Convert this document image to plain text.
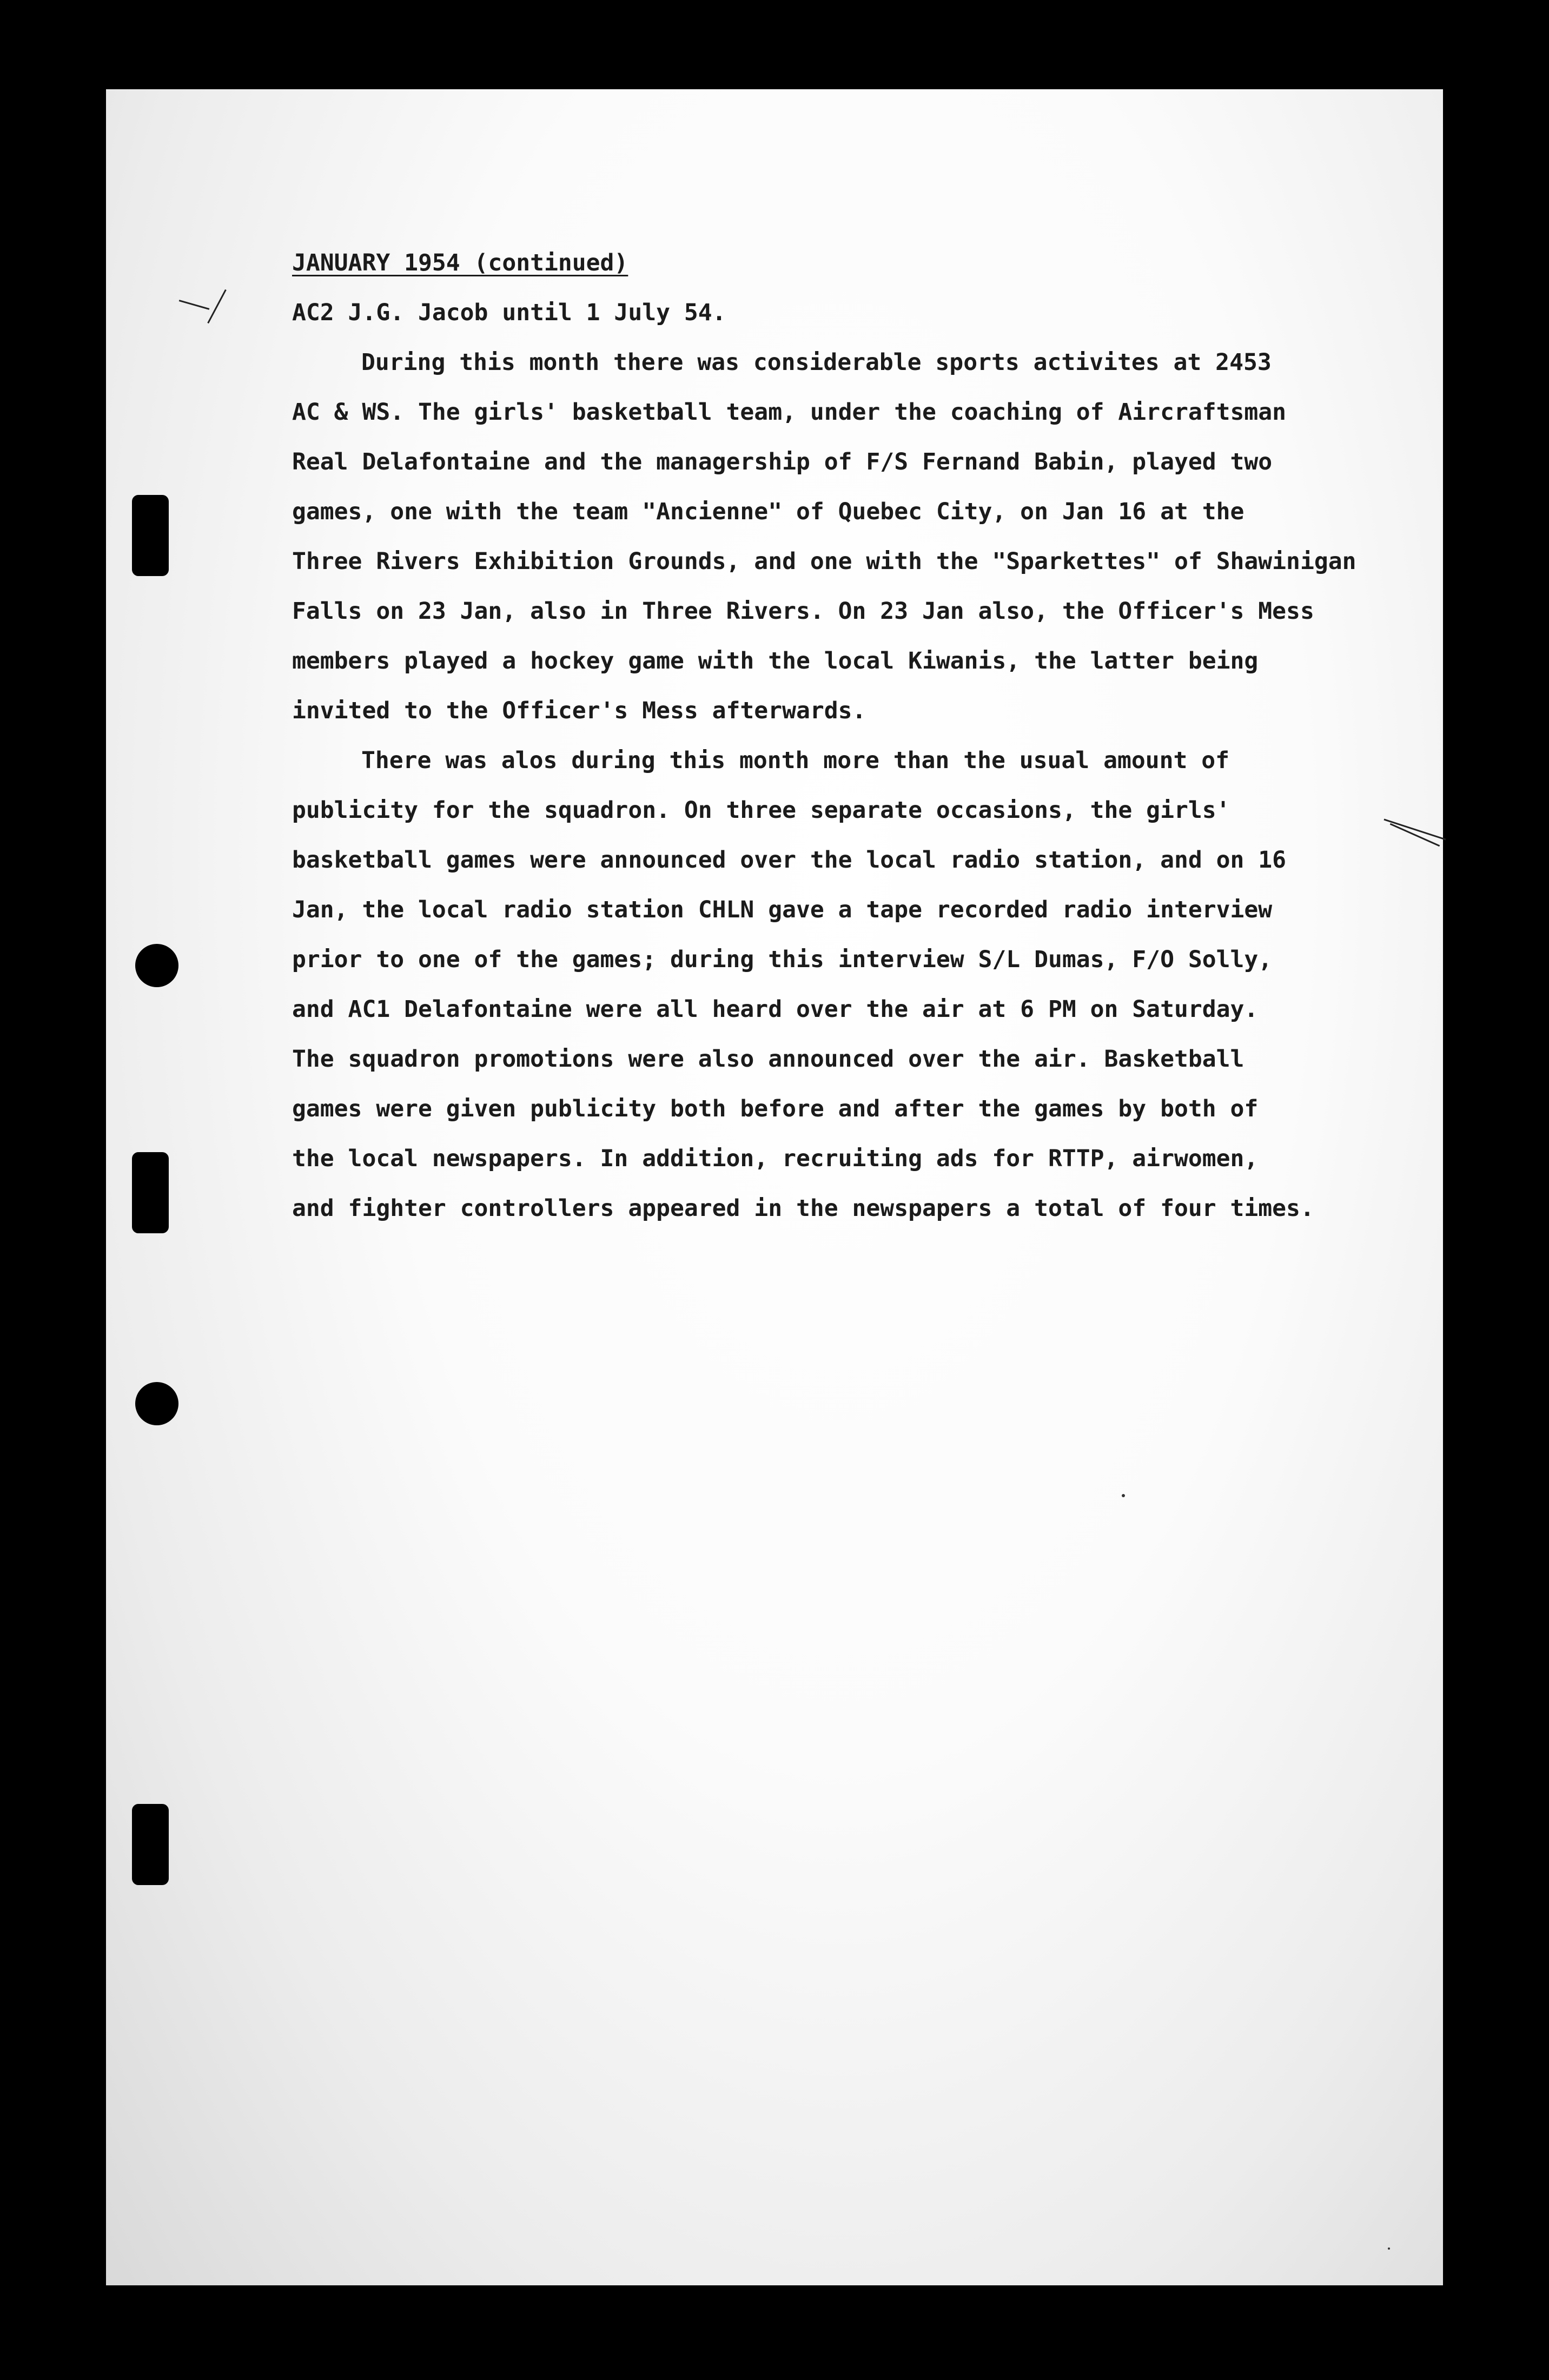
JANUARY 1954 (continued)
AC2 J.G. Jacob until 1 July 54.
During this month there was considerable sports activites at 2453
AC & WS. The girls' basketball team, under the coaching of Aircraftsman
Real Delafontaine and the managership of F/S Fernand Babin, played two
games, one with the team "Ancienne" of Quebec City, on Jan 16 at the
Three Rivers Exhibition Grounds, and one with the "Sparkettes" of Shawinigan
Falls on 23 Jan, also in Three Rivers. On 23 Jan also, the Officer's Mess
members played a hockey game with the local Kiwanis, the latter being
invited to the Officer's Mess afterwards.
There was alos during this month more than the usual amount of
publicity for the squadron. On three separate occasions, the girls'
basketball games were announced over the local radio station, and on 16
Jan, the local radio station CHLN gave a tape recorded radio interview
prior to one of the games; during this interview S/L Dumas, F/O Solly,
and AC1 Delafontaine were all heard over the air at 6 PM on Saturday.
The squadron promotions were also announced over the air. Basketball
games were given publicity both before and after the games by both of
the local newspapers. In addition, recruiting ads for RTTP, airwomen,
and fighter controllers appeared in the newspapers a total of four times.
